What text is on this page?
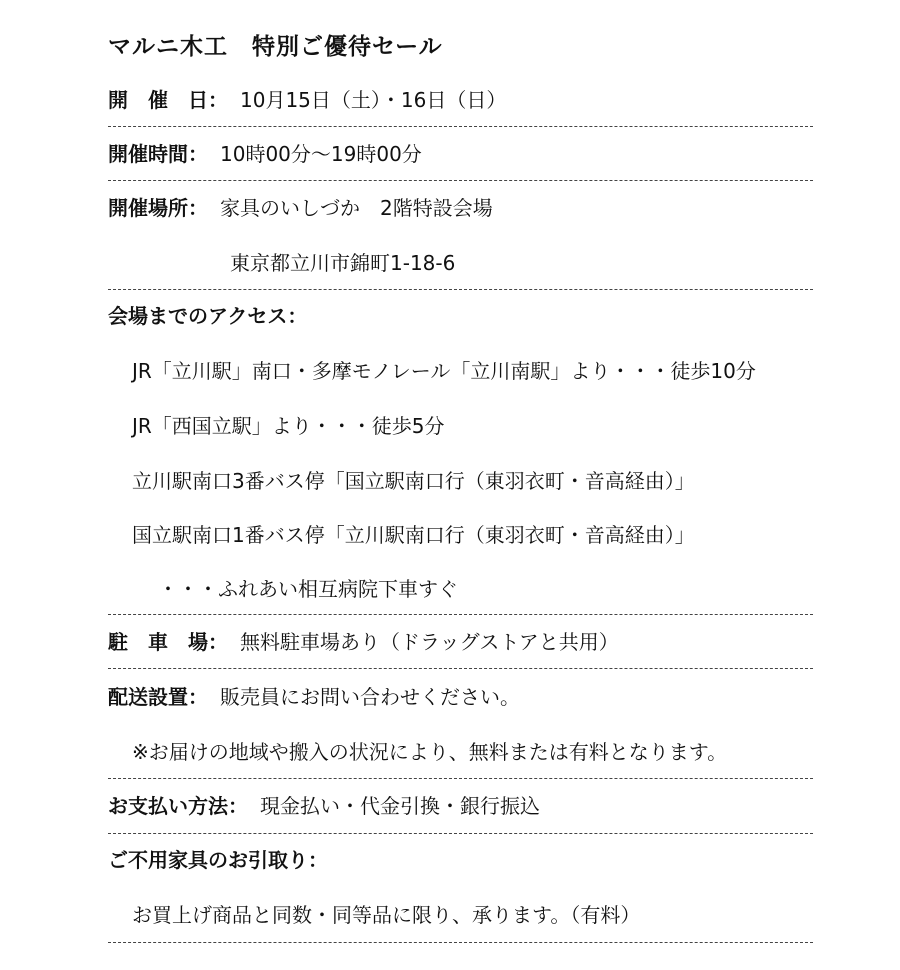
マルニ木工　特別ご優待セール
開　催　日： 10月15日（土）・16日（日）
開催時間： 10時00分～19時00分
開催場所： 家具のいしづか　2階特設会場
東京都立川市錦町1-18-6
会場までのアクセス：
JR「立川駅」南口・多摩モノレール「立川南駅」より・・・徒歩10分
JR「西国立駅」より・・・徒歩5分
立川駅南口3番バス停「国立駅南口行（東羽衣町・音高経由）」
国立駅南口1番バス停「立川駅南口行（東羽衣町・音高経由）」
・・・ふれあい相互病院下車すぐ
駐　車　場： 無料駐車場あり（ドラッグストアと共用）
配送設置： 販売員にお問い合わせください。
※お届けの地域や搬入の状況により、無料または有料となります。
お支払い方法： 現金払い・代金引換・銀行振込
ご不用家具のお引取り：
お買上げ商品と同数・同等品に限り、承ります。（有料）
